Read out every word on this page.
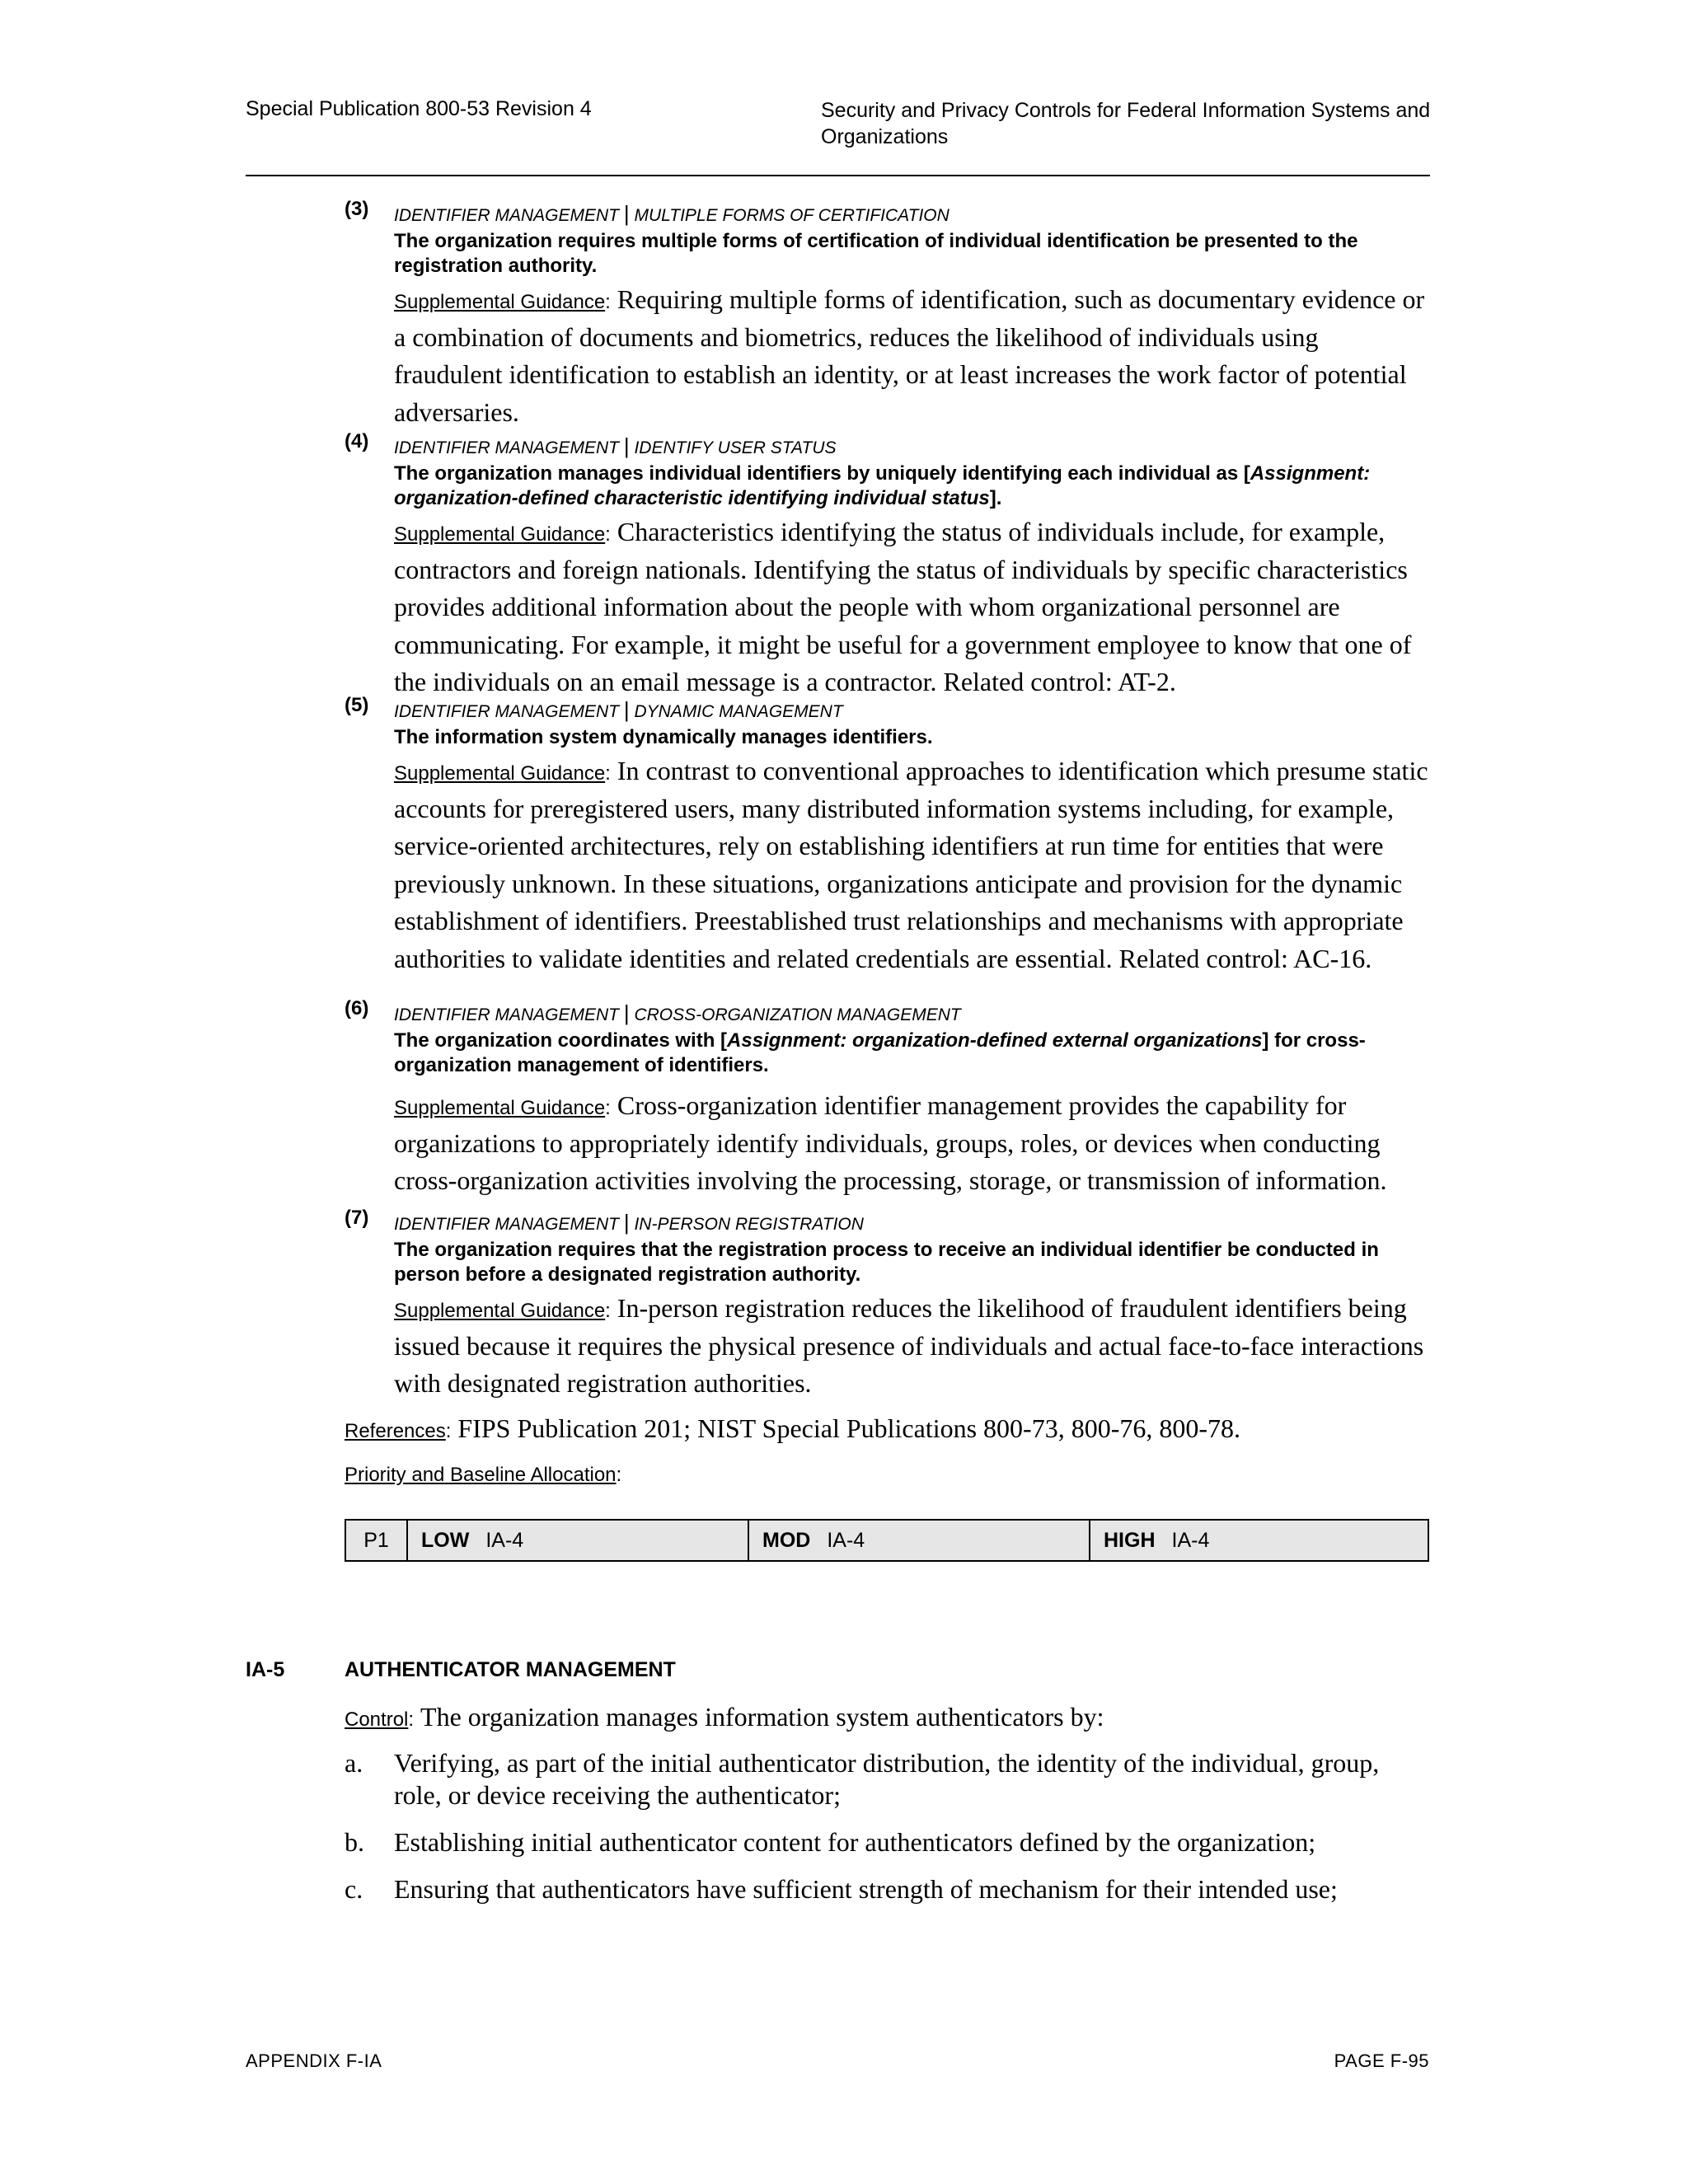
Special Publication 800-53 Revision 4	Security and Privacy Controls for Federal Information Systems and Organizations
(3) IDENTIFIER MANAGEMENT | MULTIPLE FORMS OF CERTIFICATION
The organization requires multiple forms of certification of individual identification be presented to the registration authority.
Supplemental Guidance: Requiring multiple forms of identification, such as documentary evidence or a combination of documents and biometrics, reduces the likelihood of individuals using fraudulent identification to establish an identity, or at least increases the work factor of potential adversaries.
(4) IDENTIFIER MANAGEMENT | IDENTIFY USER STATUS
The organization manages individual identifiers by uniquely identifying each individual as [Assignment: organization-defined characteristic identifying individual status].
Supplemental Guidance: Characteristics identifying the status of individuals include, for example, contractors and foreign nationals. Identifying the status of individuals by specific characteristics provides additional information about the people with whom organizational personnel are communicating. For example, it might be useful for a government employee to know that one of the individuals on an email message is a contractor. Related control: AT-2.
(5) IDENTIFIER MANAGEMENT | DYNAMIC MANAGEMENT
The information system dynamically manages identifiers.
Supplemental Guidance: In contrast to conventional approaches to identification which presume static accounts for preregistered users, many distributed information systems including, for example, service-oriented architectures, rely on establishing identifiers at run time for entities that were previously unknown. In these situations, organizations anticipate and provision for the dynamic establishment of identifiers. Preestablished trust relationships and mechanisms with appropriate authorities to validate identities and related credentials are essential. Related control: AC-16.
(6) IDENTIFIER MANAGEMENT | CROSS-ORGANIZATION MANAGEMENT
The organization coordinates with [Assignment: organization-defined external organizations] for cross-organization management of identifiers.
Supplemental Guidance: Cross-organization identifier management provides the capability for organizations to appropriately identify individuals, groups, roles, or devices when conducting cross-organization activities involving the processing, storage, or transmission of information.
(7) IDENTIFIER MANAGEMENT | IN-PERSON REGISTRATION
The organization requires that the registration process to receive an individual identifier be conducted in person before a designated registration authority.
Supplemental Guidance: In-person registration reduces the likelihood of fraudulent identifiers being issued because it requires the physical presence of individuals and actual face-to-face interactions with designated registration authorities.
References: FIPS Publication 201; NIST Special Publications 800-73, 800-76, 800-78.
Priority and Baseline Allocation:
P1 LOW IA-4	MOD IA-4	HIGH IA-4
IA-5	AUTHENTICATOR MANAGEMENT
Control: The organization manages information system authenticators by:
a. Verifying, as part of the initial authenticator distribution, the identity of the individual, group, role, or device receiving the authenticator;
b. Establishing initial authenticator content for authenticators defined by the organization;
c. Ensuring that authenticators have sufficient strength of mechanism for their intended use;
APPENDIX F-IA	PAGE F-95
